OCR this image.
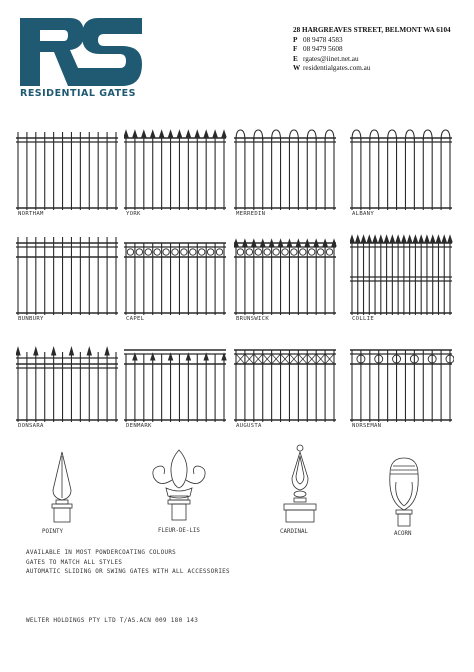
RESIDENTIAL GATES
28 HARGREAVES STREET, BELMONT WA 6104
P 08 9478 4583
F 08 9479 5608
E rgates@iinet.net.au
W residentialgates.com.au
NORTHAM	YORK	MERREDIN	ALBANY
BUNBURY	CAPEL	BRUNSWICK	COLLIE
DONSARA	DENMARK	AUGUSTA	NORSEMAN
POINTY	FLEUR-DE-LIS	CARDINAL	ACORN
AVAILABLE IN MOST POWDERCOATING COLOURS
GATES TO MATCH ALL STYLES
AUTOMATIC SLIDING OR SWING GATES WITH ALL ACCESSORIES
WELTER HOLDINGS PTY LTD T/AS.ACN 009 180 143
